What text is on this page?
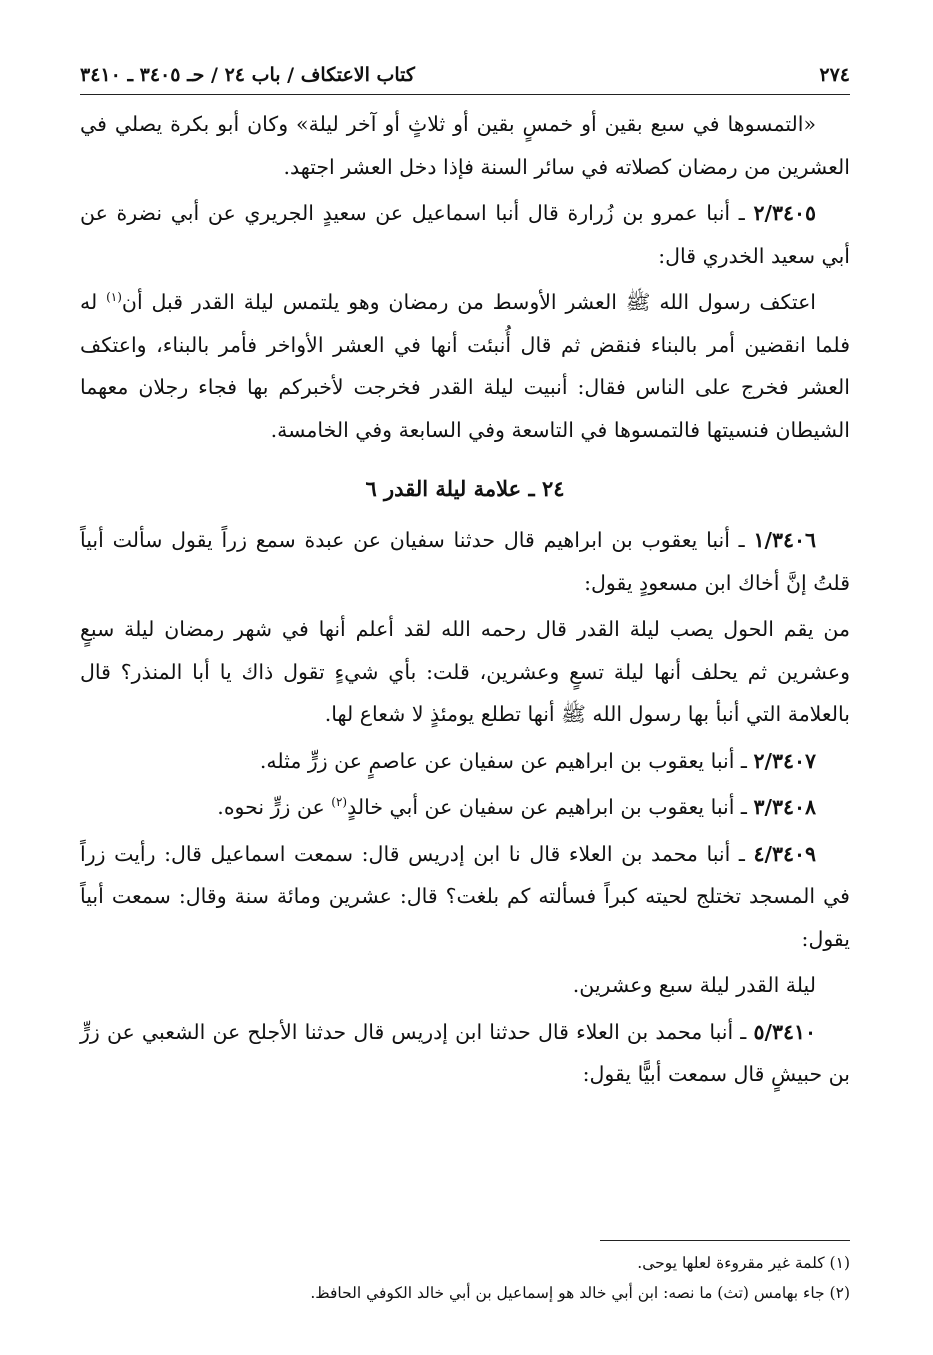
٢٧٤
كتاب الاعتكاف / باب ٢٤ / حـ ٣٤٠٥ ـ ٣٤١٠

«التمسوها في سبع بقين أو خمسٍ بقين أو ثلاثٍ أو آخر ليلة» وكان أبو بكرة يصلي في العشرين من رمضان كصلاته في سائر السنة فإذا دخل العشر اجتهد.

٢/٣٤٠٥ ـ أنبا عمرو بن زُرارة قال أنبا اسماعيل عن سعيدٍ الجريري عن أبي نضرة عن أبي سعيد الخدري قال:

اعتكف رسول الله ﷺ العشر الأوسط من رمضان وهو يلتمس ليلة القدر قبل أن$^{(١)}$ له فلما انقضين أمر بالبناء فنقض ثم قال أُنبئت أنها في العشر الأواخر فأمر بالبناء، واعتكف العشر فخرج على الناس فقال: أنبيت ليلة القدر فخرجت لأخبركم بها فجاء رجلان معهما الشيطان فنسيتها فالتمسوها في التاسعة وفي السابعة وفي الخامسة.

٢٤ ـ علامة ليلة القدر ٦

١/٣٤٠٦ ـ أنبا يعقوب بن ابراهيم قال حدثنا سفيان عن عبدة سمع زراً يقول سألت أبياً قلتُ إنَّ أخاك ابن مسعودٍ يقول:

من يقم الحول يصب ليلة القدر قال رحمه الله لقد أعلم أنها في شهر رمضان ليلة سبعٍ وعشرين ثم يحلف أنها ليلة تسعٍ وعشرين، قلت: بأي شيءٍ تقول ذاك يا أبا المنذر؟ قال بالعلامة التي أنبأ بها رسول الله ﷺ أنها تطلع يومئذٍ لا شعاع لها.

٢/٣٤٠٧ ـ أنبا يعقوب بن ابراهيم عن سفيان عن عاصمٍ عن زرٍّ مثله.

٣/٣٤٠٨ ـ أنبا يعقوب بن ابراهيم عن سفيان عن أبي خالدٍ$^{(٢)}$ عن زرٍّ نحوه.

٤/٣٤٠٩ ـ أنبا محمد بن العلاء قال نا ابن إدريس قال: سمعت اسماعيل قال: رأيت زراً في المسجد تختلج لحيته كبراً فسألته كم بلغت؟ قال: عشرين ومائة سنة وقال: سمعت أبياً يقول:

ليلة القدر ليلة سبع وعشرين.

٥/٣٤١٠ ـ أنبا محمد بن العلاء قال حدثنا ابن إدريس قال حدثنا الأجلح عن الشعبي عن زرٍّ بن حبيشٍ قال سمعت أبيًّا يقول:

(١) كلمة غير مقروءة لعلها يوحى.
(٢) جاء بهامس (تث) ما نصه: ابن أبي خالد هو إسماعيل بن أبي خالد الكوفي الحافظ.
